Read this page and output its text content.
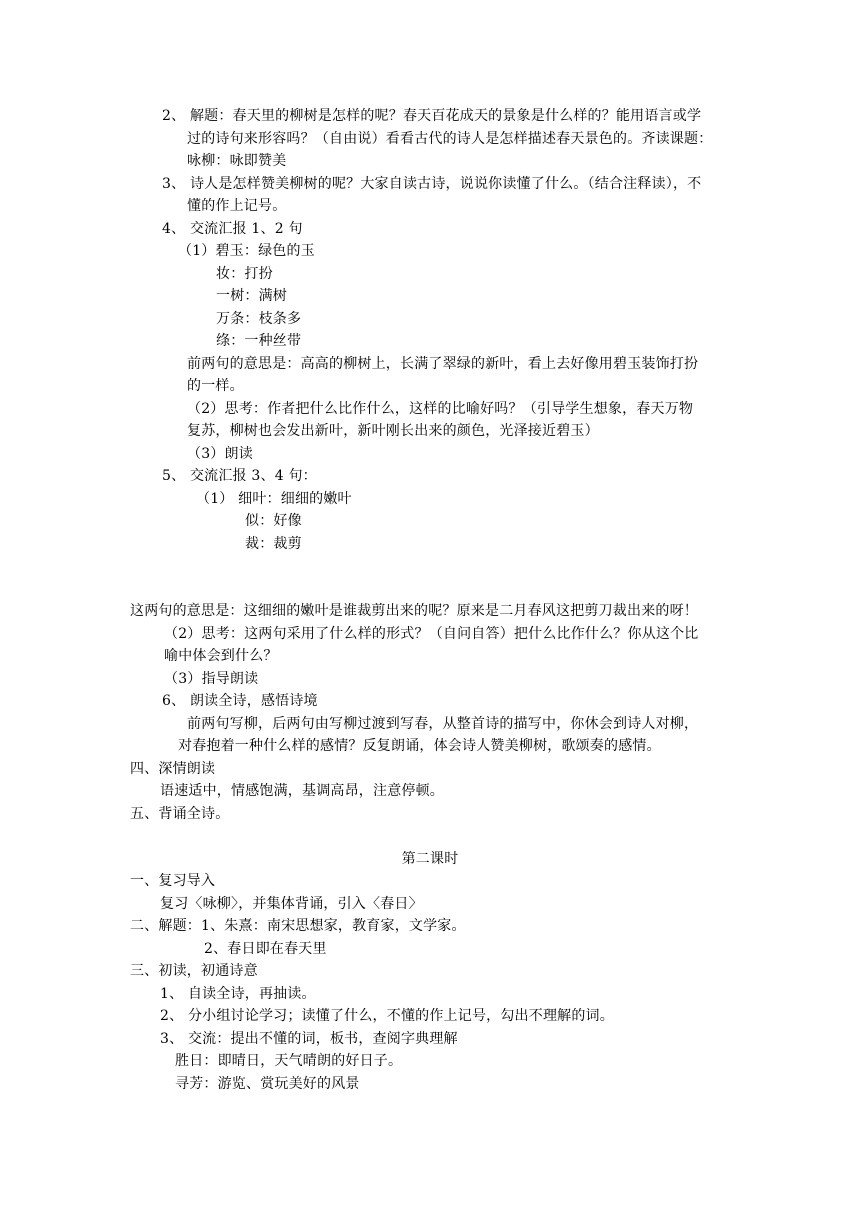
2、 解题：春天里的柳树是怎样的呢？春天百花成天的景象是什么样的？能用语言或学
过的诗句来形容吗？（自由说）看看古代的诗人是怎样描述春天景色的。齐读课题：
咏柳：咏即赞美
3、 诗人是怎样赞美柳树的呢？大家自读古诗，说说你读懂了什么。（结合注释读），不
懂的作上记号。
4、 交流汇报 1、2 句
（1）碧玉：绿色的玉
妆：打扮
一树：满树
万条：枝条多
绦：一种丝带
前两句的意思是：高高的柳树上，长满了翠绿的新叶，看上去好像用碧玉装饰打扮
的一样。
（2）思考：作者把什么比作什么，这样的比喻好吗？（引导学生想象，春天万物
复苏，柳树也会发出新叶，新叶刚长出来的颜色，光泽接近碧玉）
（3）朗读
5、 交流汇报 3、4 句：
（1） 细叶：细细的嫩叶
似：好像
裁：裁剪
这两句的意思是：这细细的嫩叶是谁裁剪出来的呢？原来是二月春风这把剪刀裁出来的呀！
（2）思考：这两句采用了什么样的形式？（自问自答）把什么比作什么？你从这个比
喻中体会到什么？
（3）指导朗读
6、 朗读全诗，感悟诗境
前两句写柳，后两句由写柳过渡到写春，从整首诗的描写中，你休会到诗人对柳，
对春抱着一种什么样的感情？反复朗诵，体会诗人赞美柳树，歌颂奏的感情。
四、深情朗读
语速适中，情感饱满，基调高昂，注意停顿。
五、背诵全诗。
第二课时
一、复习导入
复习〈咏柳〉，并集体背诵，引入〈春日〉
二、解题：1、朱熹：南宋思想家，教育家，文学家。
2、春日即在春天里
三、初读，初通诗意
1、 自读全诗，再抽读。
2、 分小组讨论学习；读懂了什么，不懂的作上记号，勾出不理解的词。
3、 交流：提出不懂的词，板书，查阅字典理解
胜日：即晴日，天气晴朗的好日子。
寻芳：游览、赏玩美好的风景
